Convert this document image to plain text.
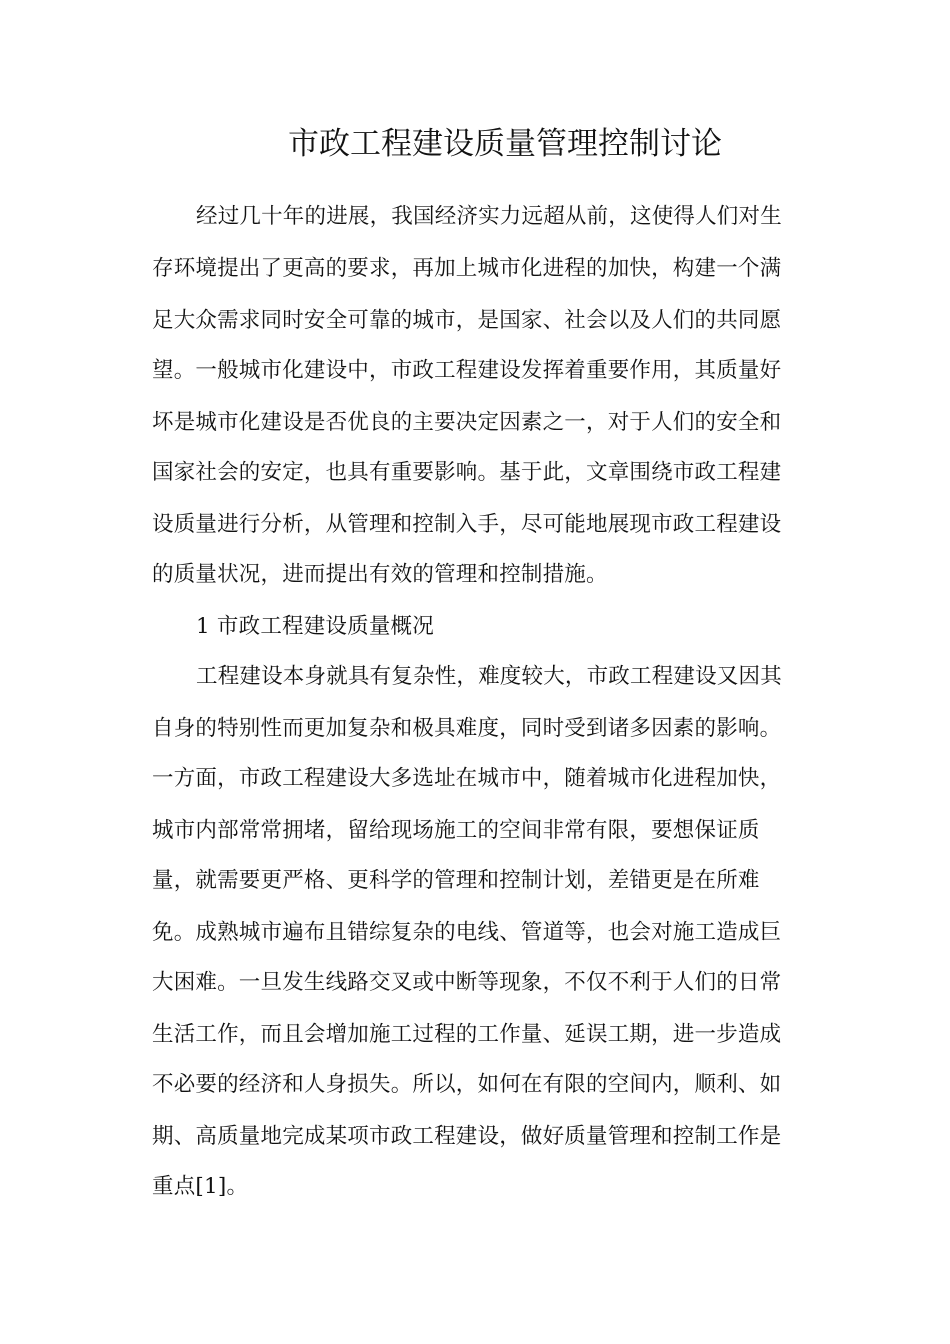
市政工程建设质量管理控制讨论
经过几十年的进展，我国经济实力远超从前，这使得人们对生
存环境提出了更高的要求，再加上城市化进程的加快，构建一个满
足大众需求同时安全可靠的城市，是国家、社会以及人们的共同愿
望。一般城市化建设中，市政工程建设发挥着重要作用，其质量好
坏是城市化建设是否优良的主要决定因素之一，对于人们的安全和
国家社会的安定，也具有重要影响。基于此，文章围绕市政工程建
设质量进行分析，从管理和控制入手，尽可能地展现市政工程建设
的质量状况，进而提出有效的管理和控制措施。
1 市政工程建设质量概况
工程建设本身就具有复杂性，难度较大，市政工程建设又因其
自身的特别性而更加复杂和极具难度，同时受到诸多因素的影响。
一方面，市政工程建设大多选址在城市中，随着城市化进程加快，
城市内部常常拥堵，留给现场施工的空间非常有限，要想保证质
量，就需要更严格、更科学的管理和控制计划，差错更是在所难
免。成熟城市遍布且错综复杂的电线、管道等，也会对施工造成巨
大困难。一旦发生线路交叉或中断等现象，不仅不利于人们的日常
生活工作，而且会增加施工过程的工作量、延误工期，进一步造成
不必要的经济和人身损失。所以，如何在有限的空间内，顺利、如
期、高质量地完成某项市政工程建设，做好质量管理和控制工作是
重点[1]。
